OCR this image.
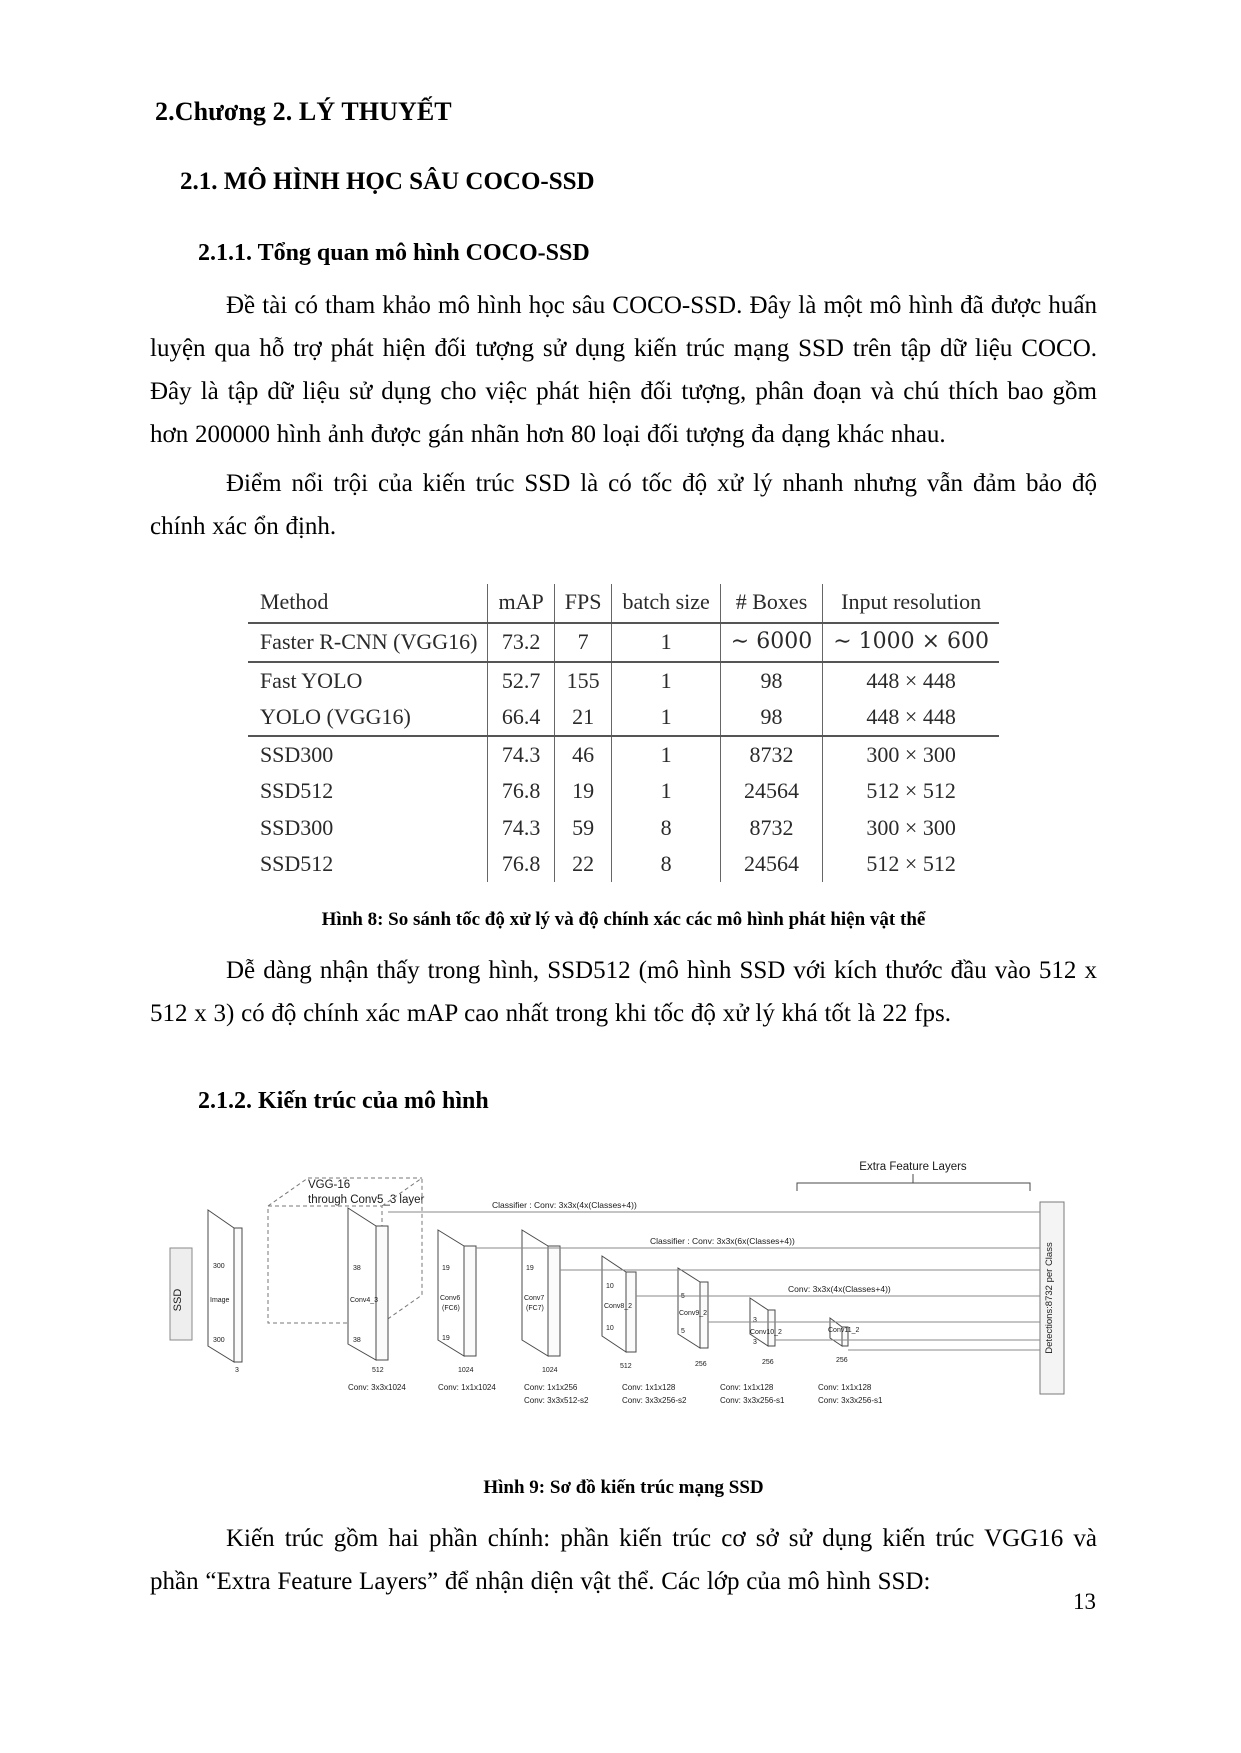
2.Chương 2. LÝ THUYẾT
2.1. MÔ HÌNH HỌC SÂU COCO-SSD
2.1.1. Tổng quan mô hình COCO-SSD

Đề tài có tham khảo mô hình học sâu COCO-SSD. Đây là một mô hình đã được huấn luyện qua hỗ trợ phát hiện đối tượng sử dụng kiến trúc mạng SSD trên tập dữ liệu COCO. Đây là tập dữ liệu sử dụng cho việc phát hiện đối tượng, phân đoạn và chú thích bao gồm hơn 200000 hình ảnh được gán nhãn hơn 80 loại đối tượng đa dạng khác nhau.

Điểm nổi trội của kiến trúc SSD là có tốc độ xử lý nhanh nhưng vẫn đảm bảo độ chính xác ổn định.

Method	mAP	FPS	batch size	# Boxes	Input resolution
Faster R-CNN (VGG16)	73.2	7	1	∼ 6000	∼ 1000 × 600
Fast YOLO	52.7	155	1	98	448 × 448
YOLO (VGG16)	66.4	21	1	98	448 × 448
SSD300	74.3	46	1	8732	300 × 300
SSD512	76.8	19	1	24564	512 × 512
SSD300	74.3	59	8	8732	300 × 300
SSD512	76.8	22	8	24564	512 × 512
Hình 8: So sánh tốc độ xử lý và độ chính xác các mô hình phát hiện vật thể

Dễ dàng nhận thấy trong hình, SSD512 (mô hình SSD với kích thước đầu vào 512 x 512 x 3) có độ chính xác mAP cao nhất trong khi tốc độ xử lý khá tốt là 22 fps.

2.1.2. Kiến trúc của mô hình
Extra Feature Layers
VGG-16
through Conv5_3 layer
SSD
300
Image
300
3
38
Conv4_3
38
512
19
Conv6
(FC6)
19
1024
19
Conv7
(FC7)
1024
10
Conv8_2
10
512
5
Conv9_2
5
256
3
Conv10_2
3
256
Conv11_2
256
Detections:8732 per Class
Classifier : Conv: 3x3x(4x(Classes+4))
Classifier : Conv: 3x3x(6x(Classes+4))
Conv: 3x3x(4x(Classes+4))
Conv: 3x3x1024	Conv: 1x1x1024	Conv: 1x1x256
Conv: 3x3x512-s2
Conv: 1x1x128
Conv: 3x3x256-s2
Conv: 1x1x128
Conv: 3x3x256-s1
Conv: 1x1x128
Conv: 3x3x256-s1
Hình 9: Sơ đồ kiến trúc mạng SSD

Kiến trúc gồm hai phần chính: phần kiến trúc cơ sở sử dụng kiến trúc VGG16 và phần “Extra Feature Layers” để nhận diện vật thể. Các lớp của mô hình SSD:

13
